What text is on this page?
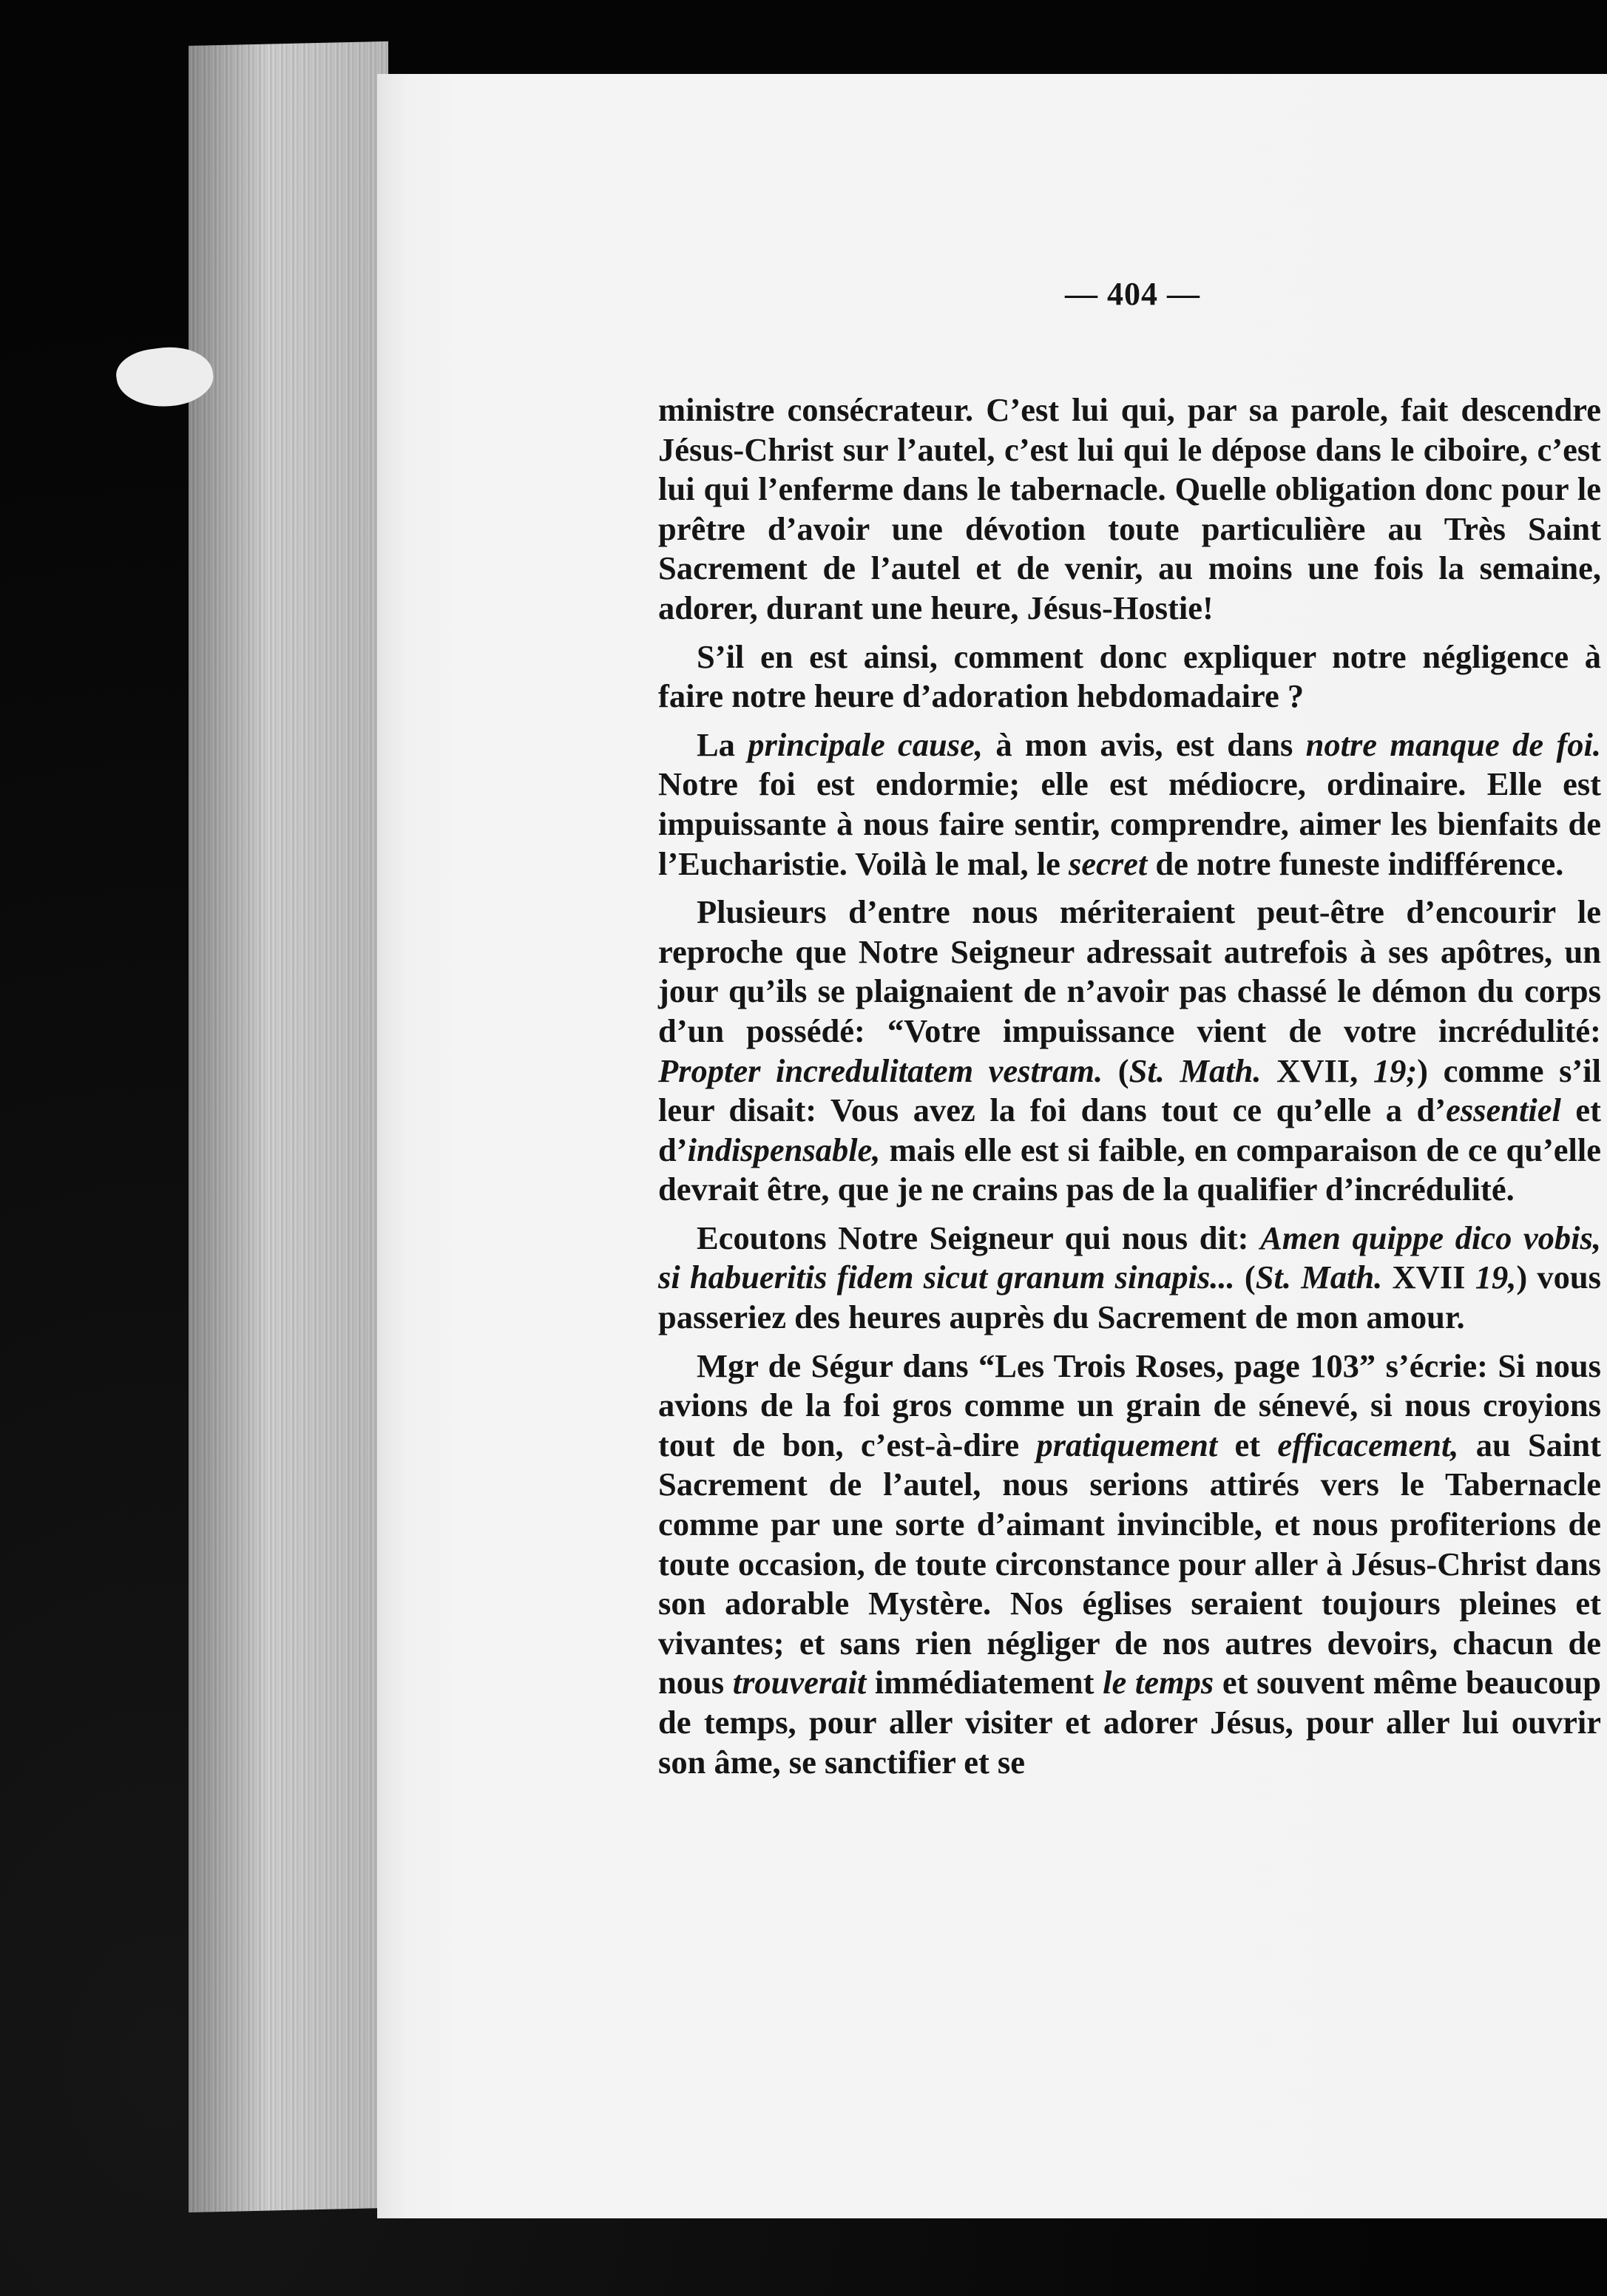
— 404 —

ministre consécrateur. C’est lui qui, par sa parole, fait descendre Jésus-Christ sur l’autel, c’est lui qui le dépose dans le ciboire, c’est lui qui l’enferme dans le tabernacle. Quelle obligation donc pour le prêtre d’avoir une dévotion toute particulière au Très Saint Sacrement de l’autel et de venir, au moins une fois la semaine, adorer, durant une heure, Jésus-Hostie!

S’il en est ainsi, comment donc expliquer notre négligence à faire notre heure d’adoration hebdomadaire ?

La principale cause, à mon avis, est dans notre manque de foi. Notre foi est endormie; elle est médiocre, ordinaire. Elle est impuissante à nous faire sentir, comprendre, aimer les bienfaits de l’Eucharistie. Voilà le mal, le secret de notre funeste indifférence.

Plusieurs d’entre nous mériteraient peut-être d’encourir le reproche que Notre Seigneur adressait autrefois à ses apôtres, un jour qu’ils se plaignaient de n’avoir pas chassé le démon du corps d’un possédé: “Votre impuissance vient de votre incrédulité: Propter incredulitatem vestram. (St. Math. XVII, 19;) comme s’il leur disait: Vous avez la foi dans tout ce qu’elle a d’essentiel et d’indispensable, mais elle est si faible, en comparaison de ce qu’elle devrait être, que je ne crains pas de la qualifier d’incrédulité.

Ecoutons Notre Seigneur qui nous dit: Amen quippe dico vobis, si habueritis fidem sicut granum sinapis... (St. Math. XVII 19,) vous passeriez des heures auprès du Sacrement de mon amour.

Mgr de Ségur dans “Les Trois Roses, page 103” s’écrie: Si nous avions de la foi gros comme un grain de sénevé, si nous croyions tout de bon, c’est-à-dire pratiquement et efficacement, au Saint Sacrement de l’autel, nous serions attirés vers le Tabernacle comme par une sorte d’aimant invincible, et nous profiterions de toute occasion, de toute circonstance pour aller à Jésus-Christ dans son adorable Mystère. Nos églises seraient toujours pleines et vivantes; et sans rien négliger de nos autres devoirs, chacun de nous trouverait immédiatement le temps et souvent même beaucoup de temps, pour aller visiter et adorer Jésus, pour aller lui ouvrir son âme, se sanctifier et se
